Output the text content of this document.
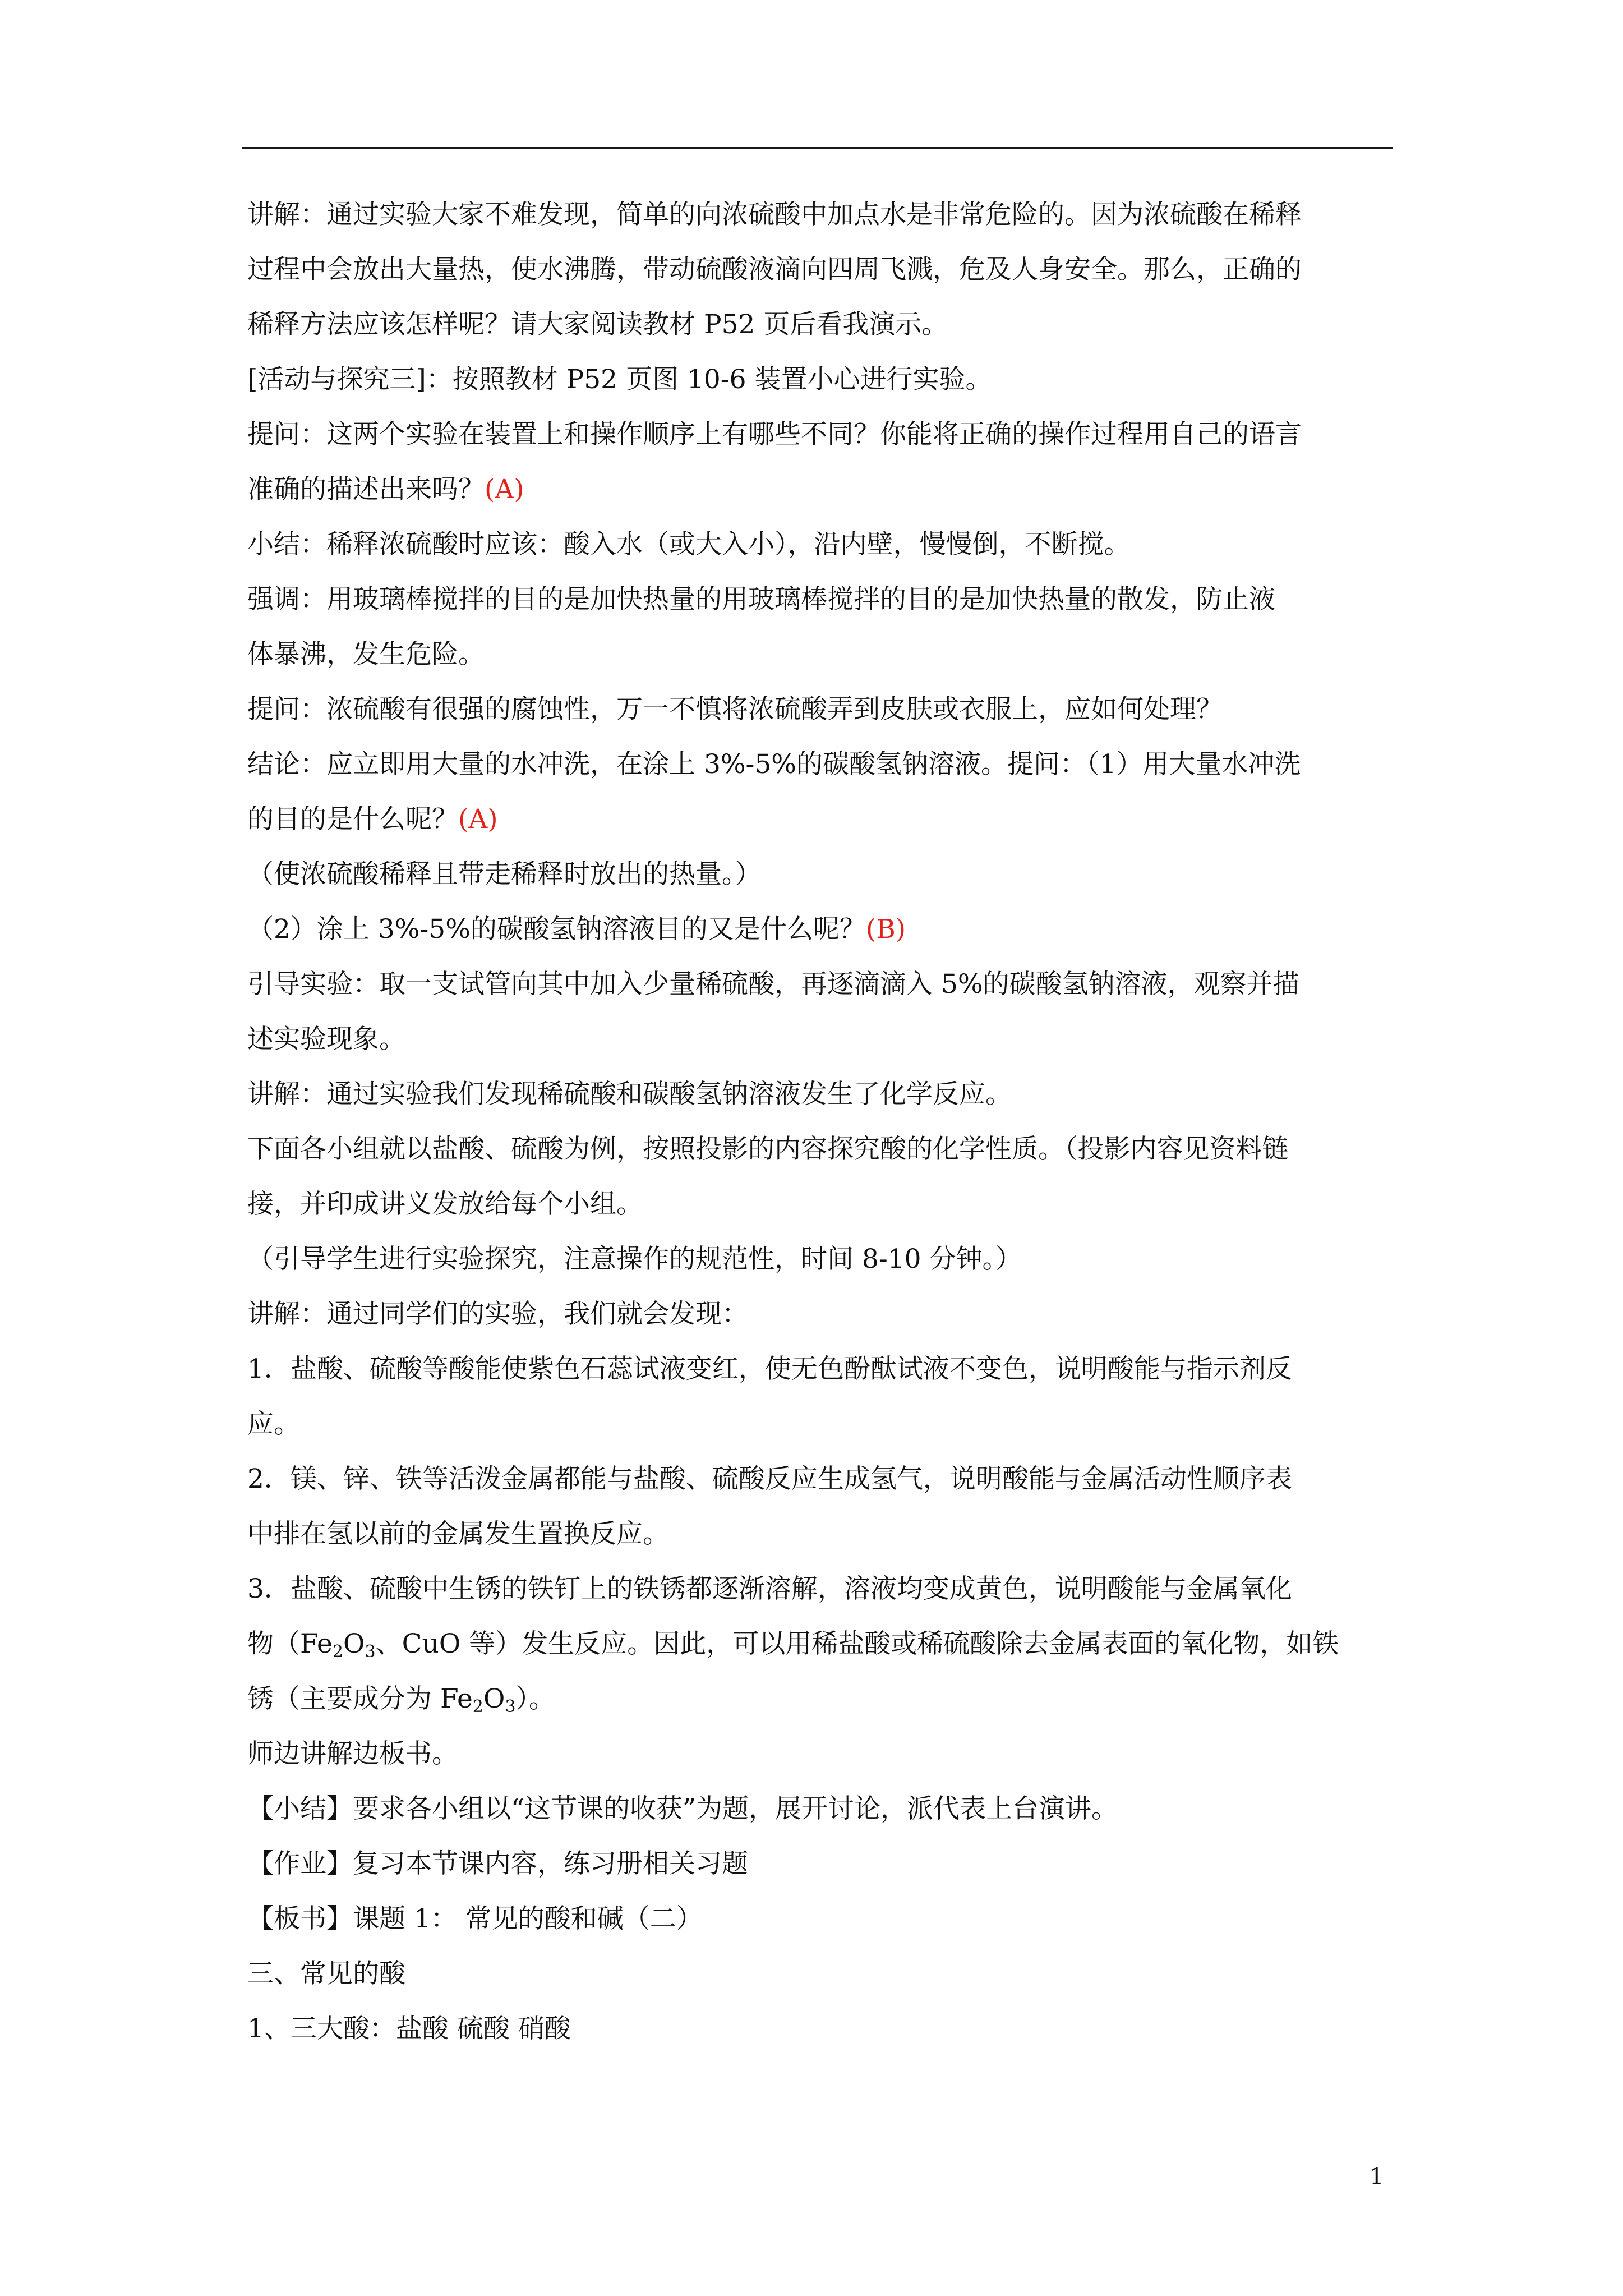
讲解：通过实验大家不难发现，简单的向浓硫酸中加点水是非常危险的。因为浓硫酸在稀释
过程中会放出大量热，使水沸腾，带动硫酸液滴向四周飞溅，危及人身安全。那么，正确的
稀释方法应该怎样呢？请大家阅读教材 P52 页后看我演示。
[活动与探究三]：按照教材 P52 页图 10-6 装置小心进行实验。
提问：这两个实验在装置上和操作顺序上有哪些不同？你能将正确的操作过程用自己的语言
准确的描述出来吗？(A)
小结：稀释浓硫酸时应该：酸入水（或大入小），沿内壁，慢慢倒，不断搅。
强调：用玻璃棒搅拌的目的是加快热量的用玻璃棒搅拌的目的是加快热量的散发，防止液
体暴沸，发生危险。
提问：浓硫酸有很强的腐蚀性，万一不慎将浓硫酸弄到皮肤或衣服上，应如何处理？
结论：应立即用大量的水冲洗，在涂上 3%-5%的碳酸氢钠溶液。提问：（1）用大量水冲洗
的目的是什么呢？(A)
（使浓硫酸稀释且带走稀释时放出的热量。）
（2）涂上 3%-5%的碳酸氢钠溶液目的又是什么呢？(B)
引导实验：取一支试管向其中加入少量稀硫酸，再逐滴滴入 5%的碳酸氢钠溶液，观察并描
述实验现象。
讲解：通过实验我们发现稀硫酸和碳酸氢钠溶液发生了化学反应。
下面各小组就以盐酸、硫酸为例，按照投影的内容探究酸的化学性质。（投影内容见资料链
接，并印成讲义发放给每个小组。
（引导学生进行实验探究，注意操作的规范性，时间 8-10 分钟。）
讲解：通过同学们的实验，我们就会发现：
1．盐酸、硫酸等酸能使紫色石蕊试液变红，使无色酚酞试液不变色，说明酸能与指示剂反
应。
2．镁、锌、铁等活泼金属都能与盐酸、硫酸反应生成氢气，说明酸能与金属活动性顺序表
中排在氢以前的金属发生置换反应。
3．盐酸、硫酸中生锈的铁钉上的铁锈都逐渐溶解，溶液均变成黄色，说明酸能与金属氧化
物（$Fe_2O_3$、CuO 等）发生反应。因此，可以用稀盐酸或稀硫酸除去金属表面的氧化物，如铁
锈（主要成分为 $Fe_2O_3$）。
师边讲解边板书。
【小结】要求各小组以“这节课的收获”为题，展开讨论，派代表上台演讲。
【作业】复习本节课内容，练习册相关习题
【板书】课题 1： 常见的酸和碱（二）
三、常见的酸
1、三大酸：盐酸 硫酸 硝酸
1
